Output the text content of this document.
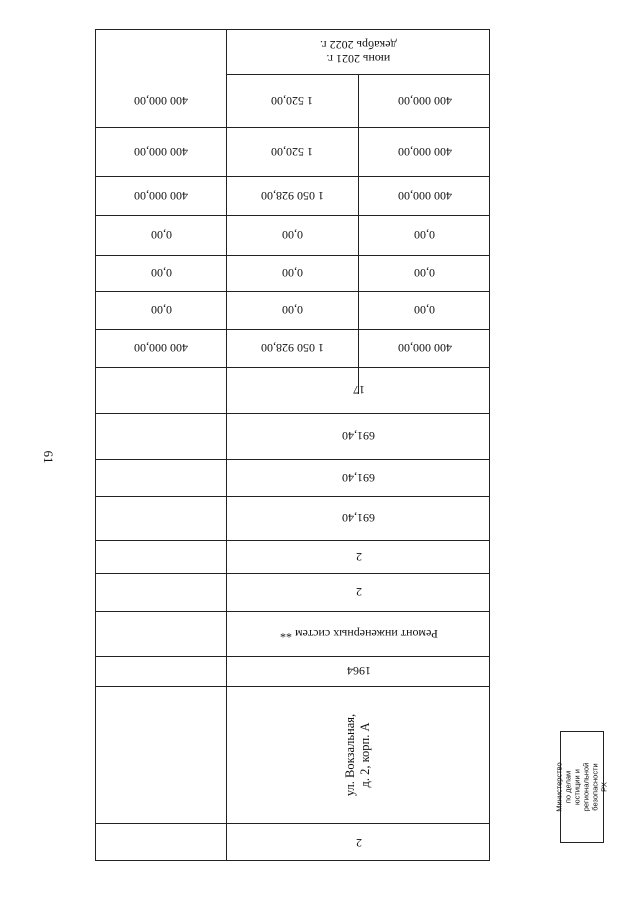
61
июнь 2021 г.
декабрь 2022 г.
400 000,00	1 520,00	400 000,00
400 000,00	1 520,00	400 000,00
400 000,00	1 050 928,00	400 000,00
0,00	0,00	0,00
0,00	0,00	0,00
0,00	0,00	0,00
400 000,00	1 050 928,00	400 000,00
17
691,40
691,40
691,40
2
2
Ремонт инженерных систем **
1964
ул. Вокзальная,
д. 2, корп. А
2
Министерство по делам
юстиции и региональной
безопасности РХ
